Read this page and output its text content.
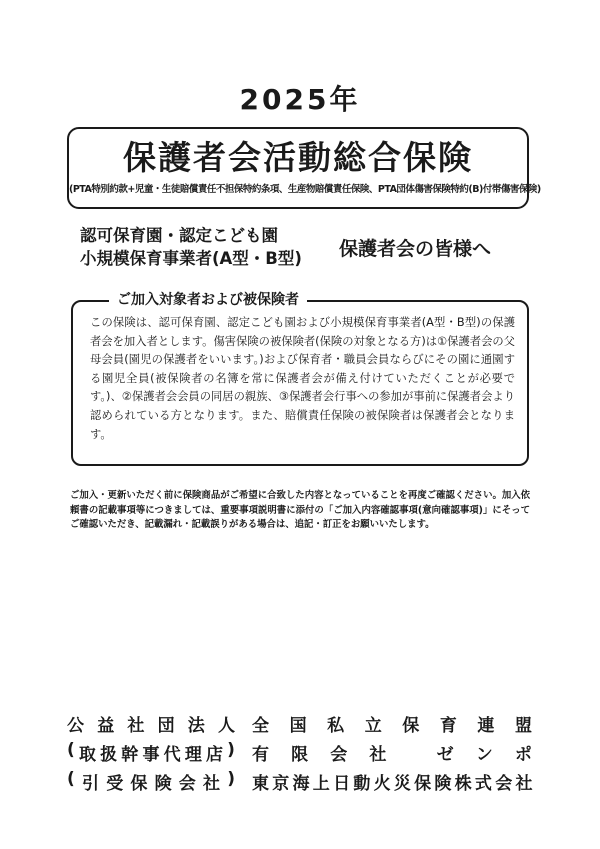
2025年
保護者会活動総合保険
(PTA特別約款+児童・生徒賠償責任不担保特約条項、生産物賠償責任保険、PTA団体傷害保険特約(B)付帯傷害保険)
認可保育園・認定こども園
小規模保育事業者(A型・B型) 保護者会の皆様へ
ご加入対象者および被保険者
この保険は、認可保育園、認定こども園および小規模保育事業者(A型・B型)の保護者会を加入者とします。傷害保険の被保険者(保険の対象となる方)は①保護者会の父母会員(園児の保護者をいいます。)および保育者・職員会員ならびにその園に通園する園児全員(被保険者の名簿を常に保護者会が備え付けていただくことが必要です。)、②保護者会会員の同居の親族、③保護者会行事への参加が事前に保護者会より認められている方となります。また、賠償責任保険の被保険者は保護者会となります。
ご加入・更新いただく前に保険商品がご希望に合致した内容となっていることを再度ご確認ください。加入依頼書の記載事項等につきましては、重要事項説明書に添付の「ご加入内容確認事項(意向確認事項)」にそってご確認いただき、記載漏れ・記載誤りがある場合は、追記・訂正をお願いいたします。
公 益 社 団 法 人 全 国 私 立 保 育 連 盟
( 取 扱 幹 事 代 理 店 ) 有 限 会 社
	ゼ ン ポ
( 引 受 保 険 会 社 ) 東 京 海 上 日 動 火 災 保 険 株 式 会 社
